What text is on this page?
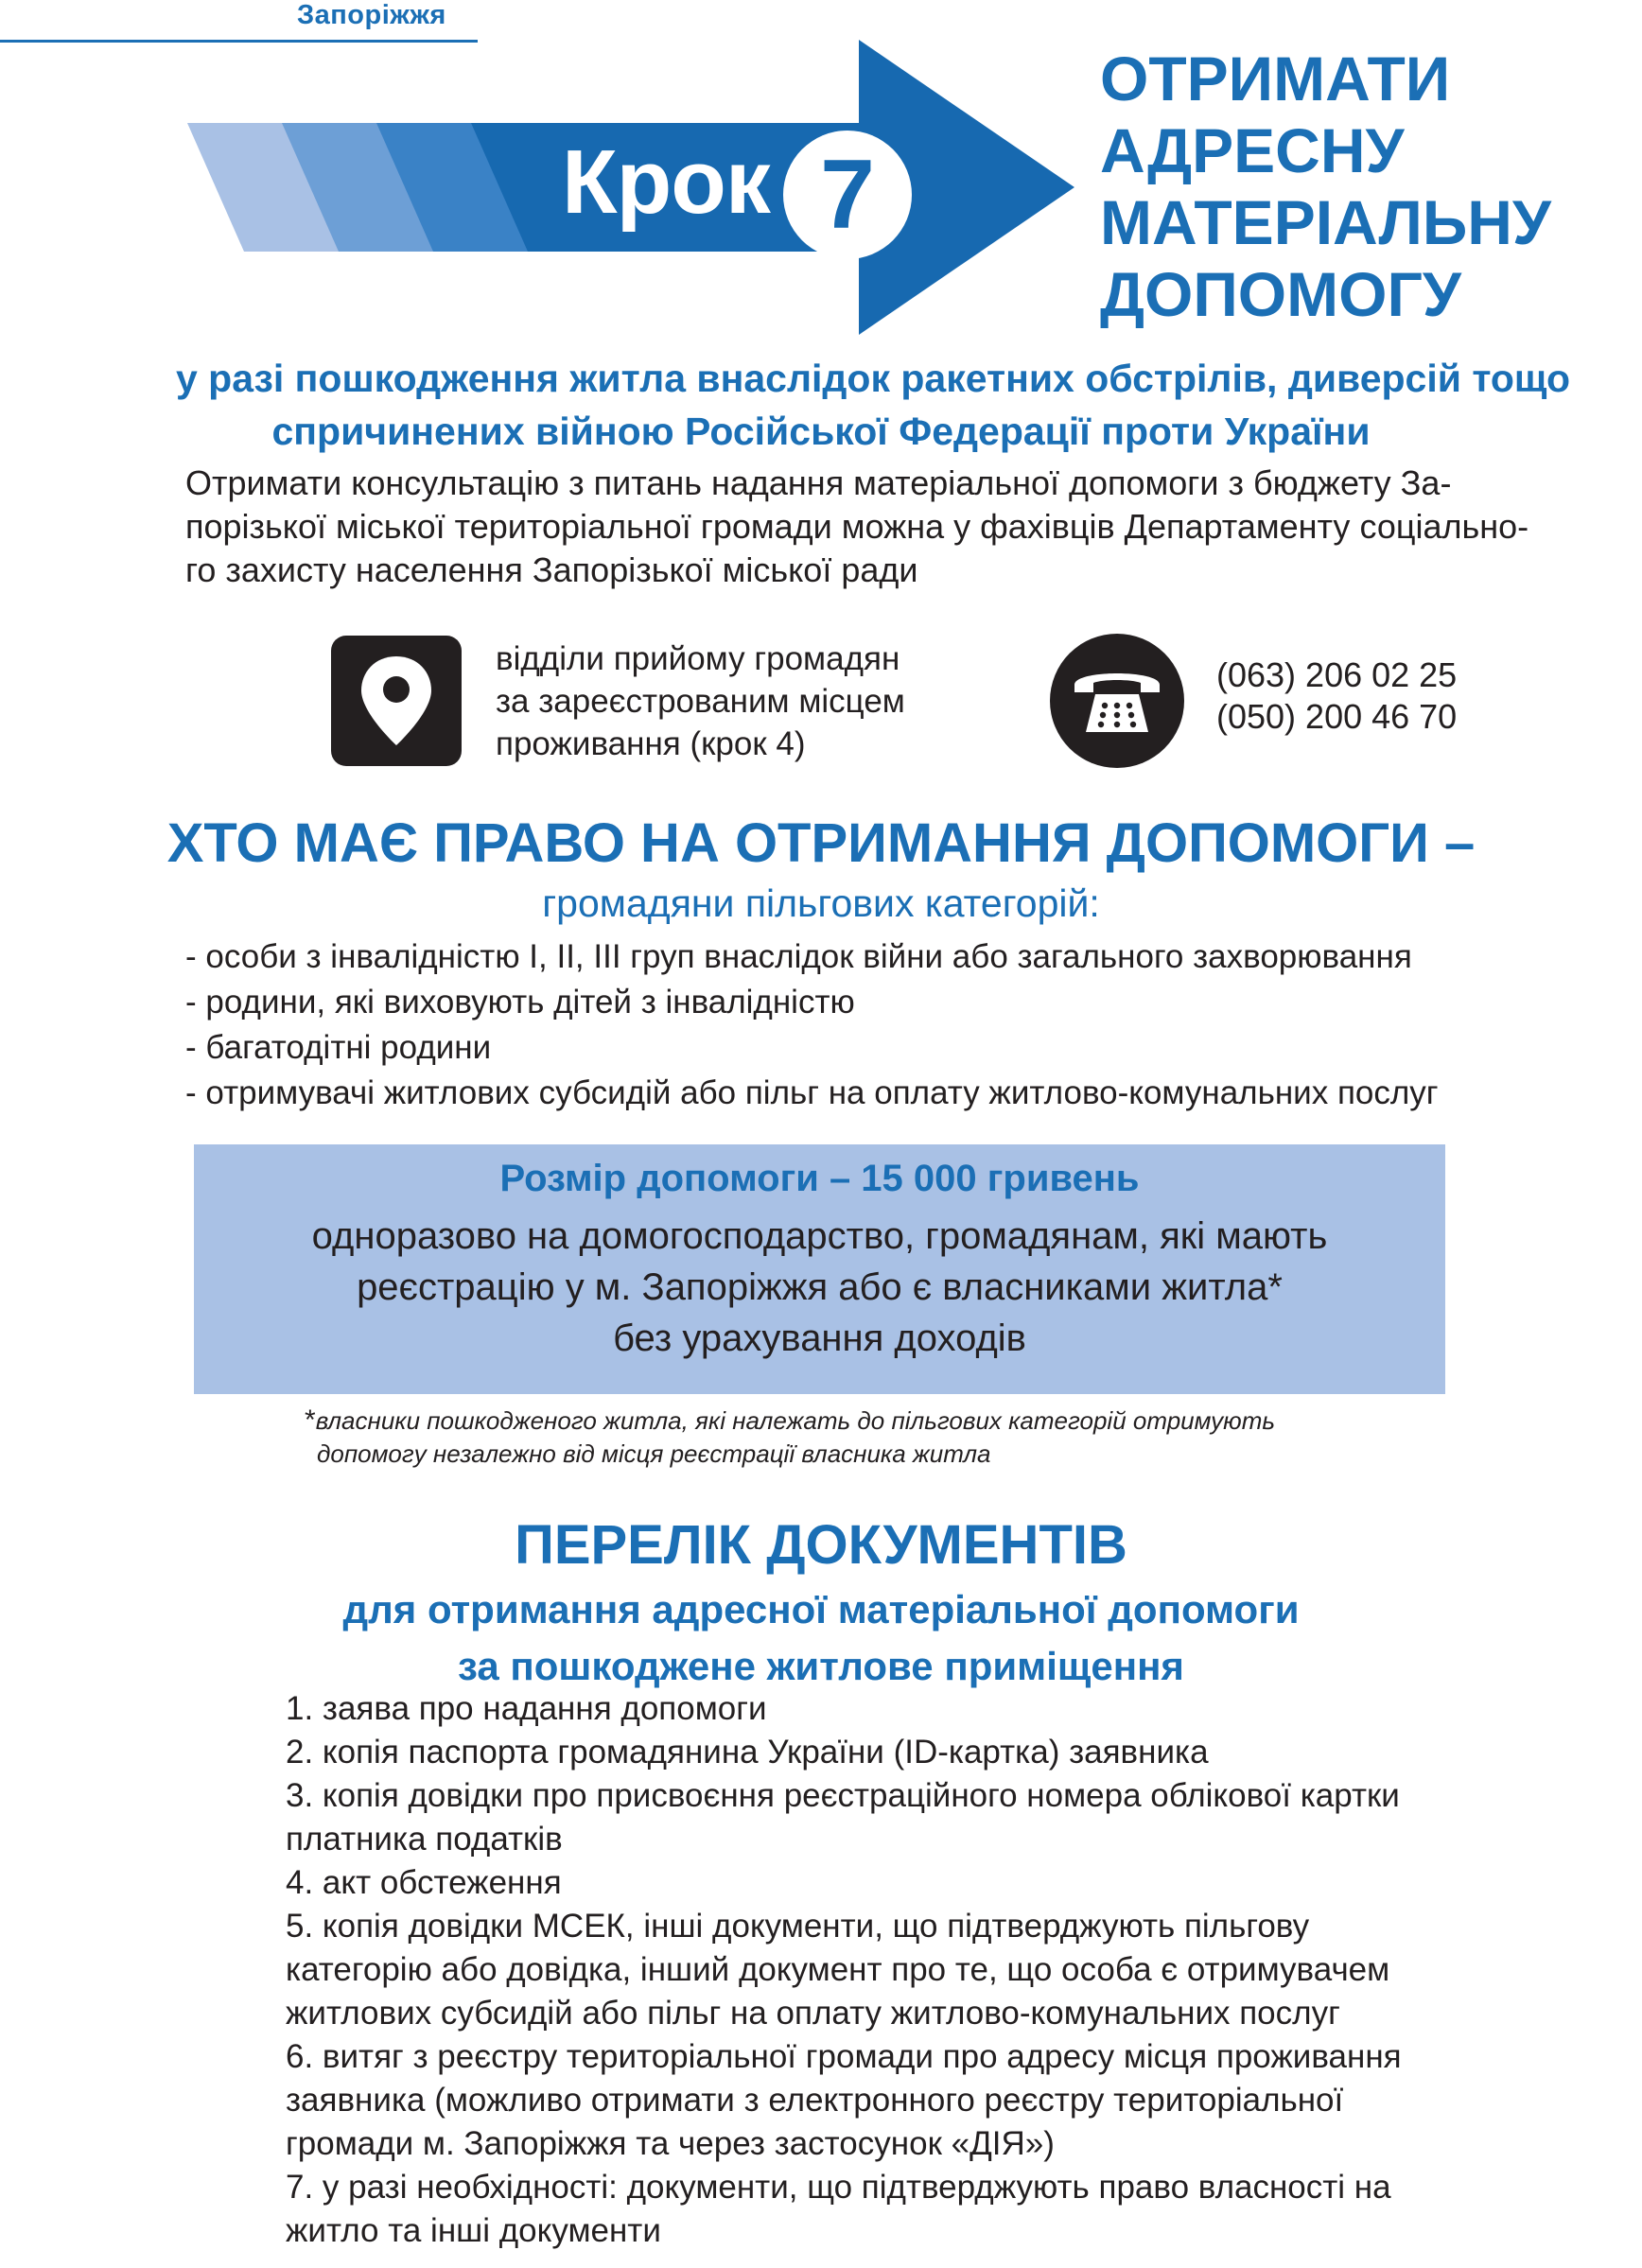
Запоріжжя
Крок 7
ОТРИМАТИ
АДРЕСНУ
МАТЕРІАЛЬНУ
ДОПОМОГУ
у разі пошкодження житла внаслідок ракетних обстрілів, диверсій тощо
спричинених війною Російської Федерації проти України
Отримати консультацію з питань надання матеріальної допомоги з бюджету За-
порізької міської територіальної громади можна у фахівців Департаменту соціально-
го захисту населення Запорізької міської ради
відділи прийому громадян
за зареєстрованим місцем
проживання (крок 4)
(063) 206 02 25
(050) 200 46 70
ХТО МАЄ ПРАВО НА ОТРИМАННЯ ДОПОМОГИ –
громадяни пільгових категорій:
- особи з інвалідністю І, ІІ, ІІІ груп внаслідок війни або загального захворювання
- родини, які виховують дітей з інвалідністю
- багатодітні родини
- отримувачі житлових субсидій або пільг на оплату житлово-комунальних послуг
Розмір допомоги – 15 000 гривень
одноразово на домогосподарство, громадянам, які мають
реєстрацію у м. Запоріжжя або є власниками житла*
без урахування доходів
*власники пошкодженого житла, які належать до пільгових категорій отримують
допомогу незалежно від місця реєстрації власника житла
ПЕРЕЛІК ДОКУМЕНТІВ
для отримання адресної матеріальної допомоги
за пошкоджене житлове приміщення

1. заява про надання допомоги

2. копія паспорта громадянина України (ID-картка) заявника

3. копія довідки про присвоєння реєстраційного номера облікової картки

платника податків

4. акт обстеження

5. копія довідки МСЕК, інші документи, що підтверджують пільгову

категорію або довідка, інший документ про те, що особа є отримувачем

житлових субсидій або пільг на оплату житлово-комунальних послуг

6. витяг з реєстру територіальної громади про адресу місця проживання

заявника (можливо отримати з електронного реєстру територіальної

громади м. Запоріжжя та через застосунок «ДІЯ»)

7. у разі необхідності: документи, що підтверджують право власності на

житло та інші документи
